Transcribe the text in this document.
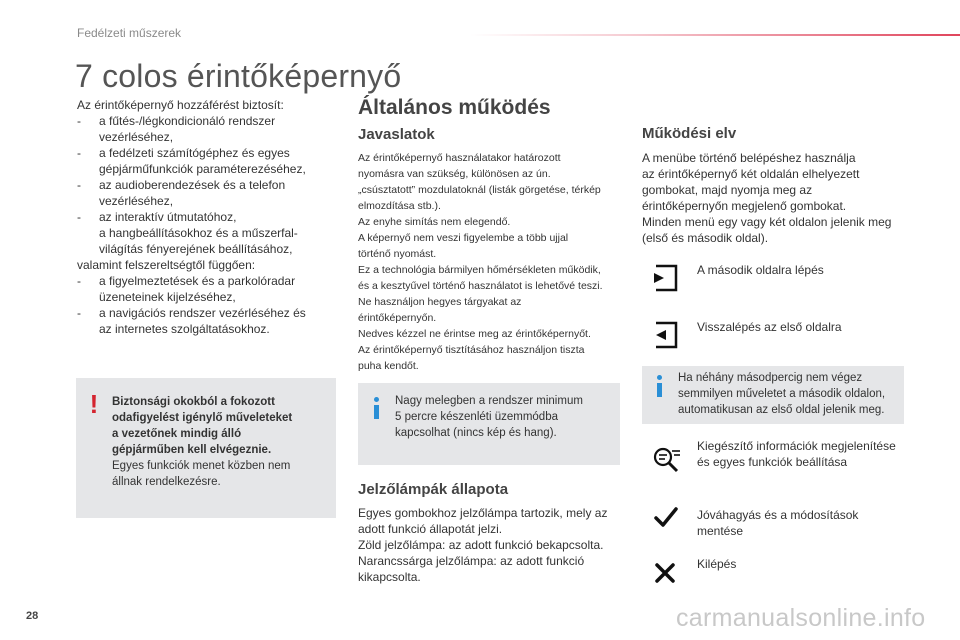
Fedélzeti műszerek
7 colos érintőképernyő
Az érintőképernyő hozzáférést biztosít:
- a fűtés-/légkondicionáló rendszer
vezérléséhez,
- a fedélzeti számítógéphez és egyes
gépjárműfunkciók paraméterezéséhez,
- az audioberendezések és a telefon
vezérléséhez,
- az interaktív útmutatóhoz,
a hangbeállításokhoz és a műszerfal-
világítás fényerejének beállításához,
valamint felszereltségtől függően:
- a figyelmeztetések és a parkolóradar
üzeneteinek kijelzéséhez,
- a navigációs rendszer vezérléséhez és
az internetes szolgáltatásokhoz.
!	Biztonsági okokból a fokozott
odafigyelést igénylő műveleteket
a vezetőnek mindig álló
gépjárműben kell elvégeznie.
Egyes funkciók menet közben nem
állnak rendelkezésre.
Általános működés
Javaslatok
Az érintőképernyő használatakor határozott
nyomásra van szükség, különösen az ún.
„csúsztatott” mozdulatoknál (listák görgetése, térkép
elmozdítása stb.).
Az enyhe simítás nem elegendő.
A képernyő nem veszi figyelembe a több ujjal
történő nyomást.
Ez a technológia bármilyen hőmérsékleten működik,
és a kesztyűvel történő használatot is lehetővé teszi.
Ne használjon hegyes tárgyakat az
érintőképernyőn.
Nedves kézzel ne érintse meg az érintőképernyőt.
Az érintőképernyő tisztításához használjon tiszta
puha kendőt.
Nagy melegben a rendszer minimum
5 percre készenléti üzemmódba
kapcsolhat (nincs kép és hang).
Jelzőlámpák állapota
Egyes gombokhoz jelzőlámpa tartozik, mely az
adott funkció állapotát jelzi.
Zöld jelzőlámpa: az adott funkció bekapcsolta.
Narancssárga jelzőlámpa: az adott funkció
kikapcsolta.
Működési elv
A menübe történő belépéshez használja
az érintőképernyő két oldalán elhelyezett
gombokat, majd nyomja meg az
érintőképernyőn megjelenő gombokat.
Minden menü egy vagy két oldalon jelenik meg
(első és második oldal).
A második oldalra lépés
Visszalépés az első oldalra
Ha néhány másodpercig nem végez
semmilyen műveletet a második oldalon,
automatikusan az első oldal jelenik meg.
Kiegészítő információk megjelenítése
és egyes funkciók beállítása
Jóváhagyás és a módosítások
mentése
Kilépés
28	carmanualsonline.info
